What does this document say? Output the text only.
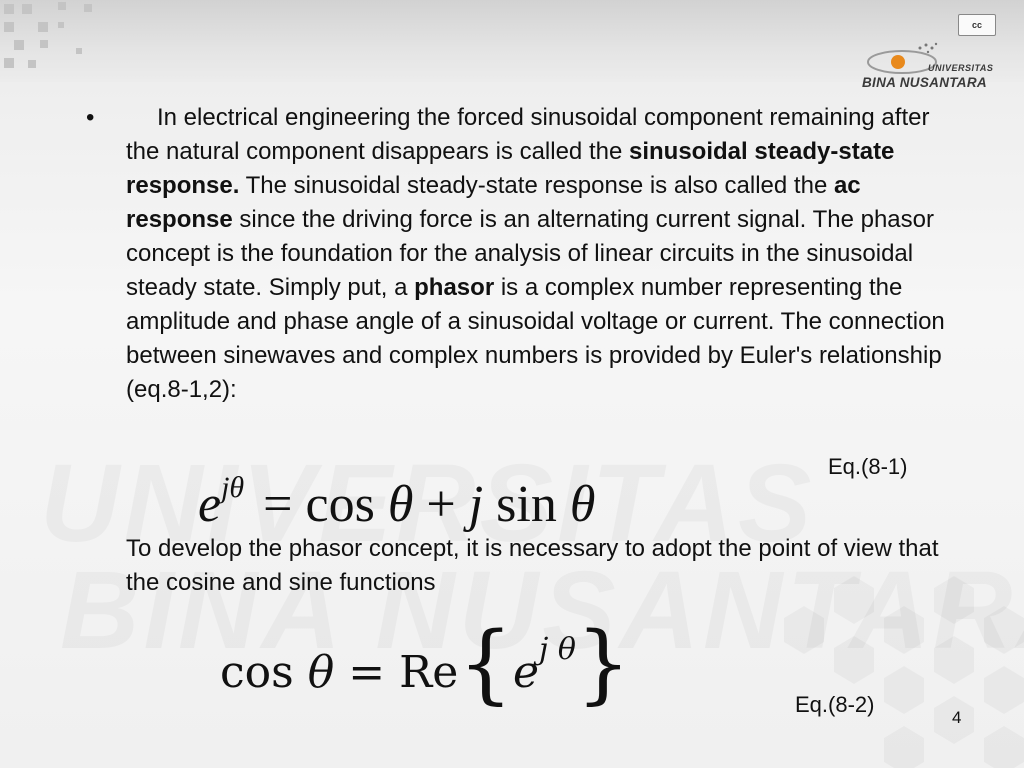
cc
UNIVERSITAS
BINA NUSANTARA
•	In electrical engineering the forced sinusoidal component remaining after the natural component disappears is called the sinusoidal steady-state response. The sinusoidal steady-state response is also called the ac response since the driving force is an alternating current signal. The phasor concept is the foundation for the analysis of linear circuits in the sinusoidal steady state. Simply put, a phasor is a complex number representing the amplitude and phase angle of a sinusoidal voltage or current. The connection between sinewaves and complex numbers is provided by Euler's relationship (eq.8-1,2):
Eq.(8-1)
$e^{j\theta} = \cos \theta + j$ sin θ
To develop the phasor concept, it is necessary to adopt the point of view that the cosine and sine functions
$\cos \theta = Re\{e^{j \theta}\}$	Eq.(8-2)
4
